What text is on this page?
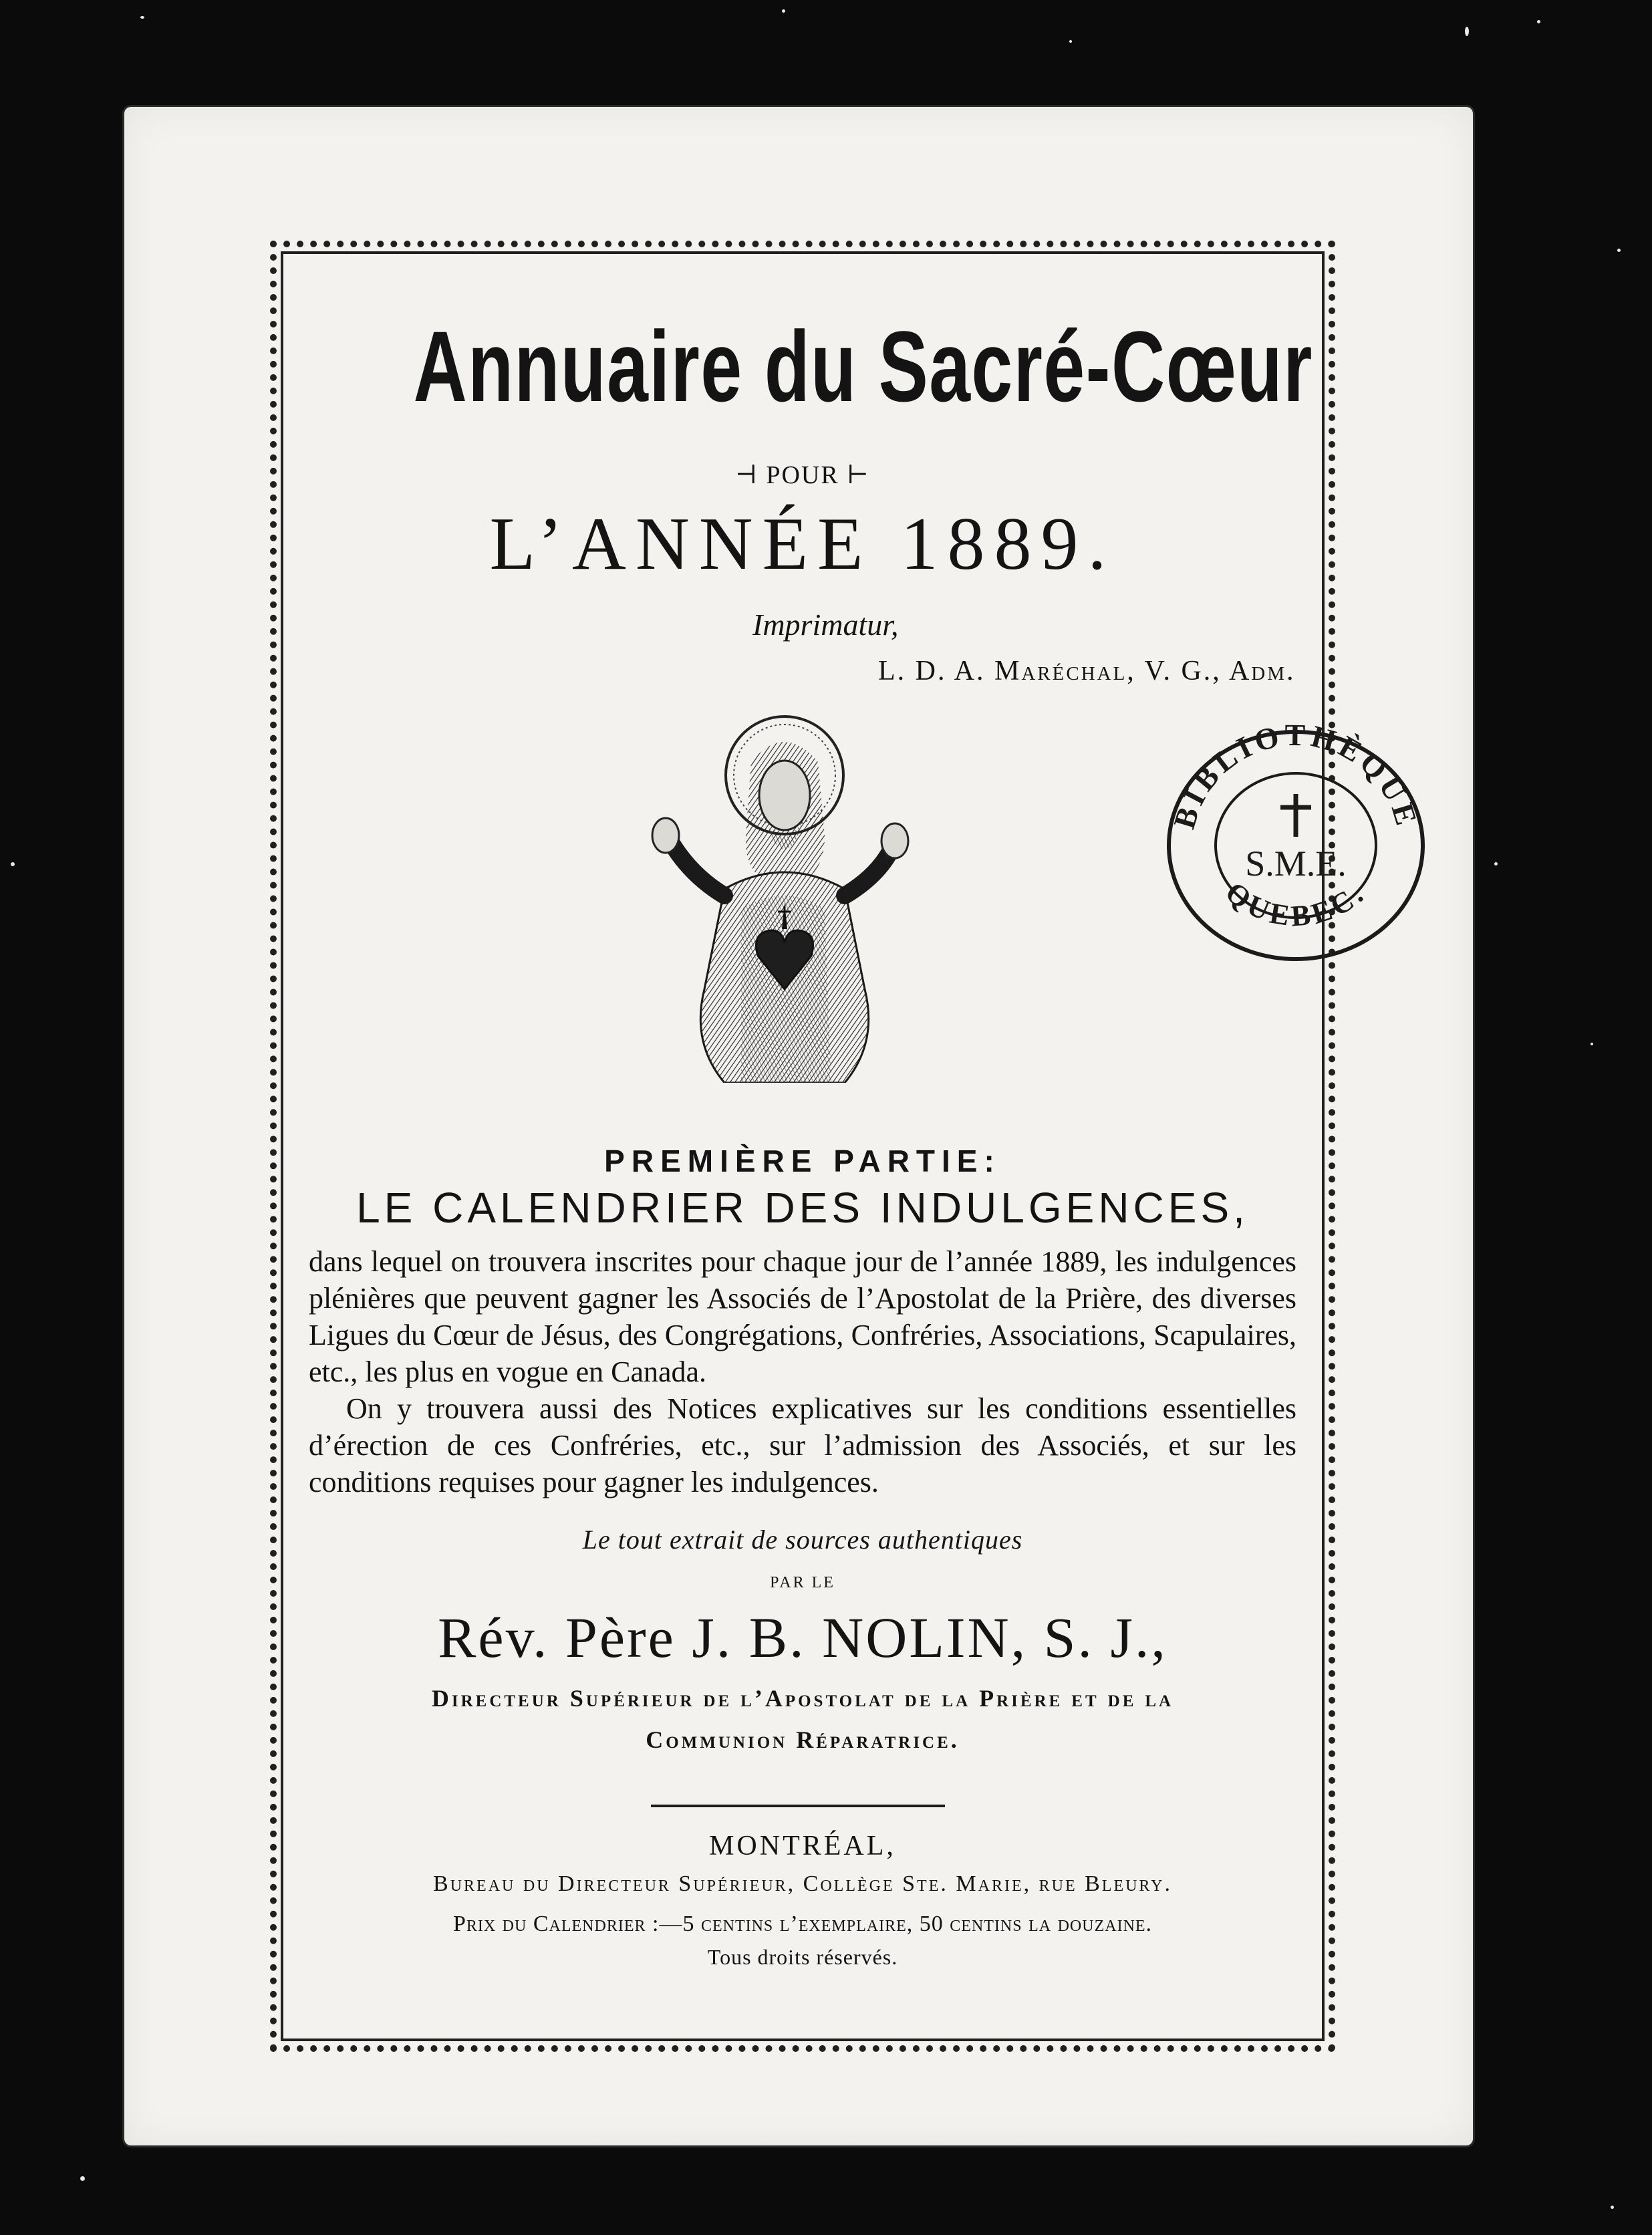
Annuaire du Sacré-Cœur
⊣ POUR ⊢
L’ANNÉE 1889.
Imprimatur,
L. D. A. Maréchal, V. G., Adm.
BIBLIOTHÈQUE
QUEBEC.
S.M.E.
PREMIÈRE PARTIE:
LE CALENDRIER DES INDULGENCES,

dans lequel on trouvera inscrites pour chaque jour de l’année 1889, les indulgences plénières que peuvent gagner les Associés de l’Apostolat de la Prière, des diverses Ligues du Cœur de Jésus, des Congrégations, Confréries, Associations, Scapulaires, etc., les plus en vogue en Canada.

On y trouvera aussi des Notices explicatives sur les conditions essentielles d’érection de ces Confréries, etc., sur l’admission des Associés, et sur les conditions requises pour gagner les indulgences.

Le tout extrait de sources authentiques
PAR LE
Rév. Père J. B. NOLIN, S. J.,
Directeur Supérieur de l’Apostolat de la Prière et de la
Communion Réparatrice.
MONTRÉAL,
Bureau du Directeur Supérieur, Collège Ste. Marie, rue Bleury.
Prix du Calendrier :—5 centins l’exemplaire, 50 centins la douzaine.
Tous droits réservés.
